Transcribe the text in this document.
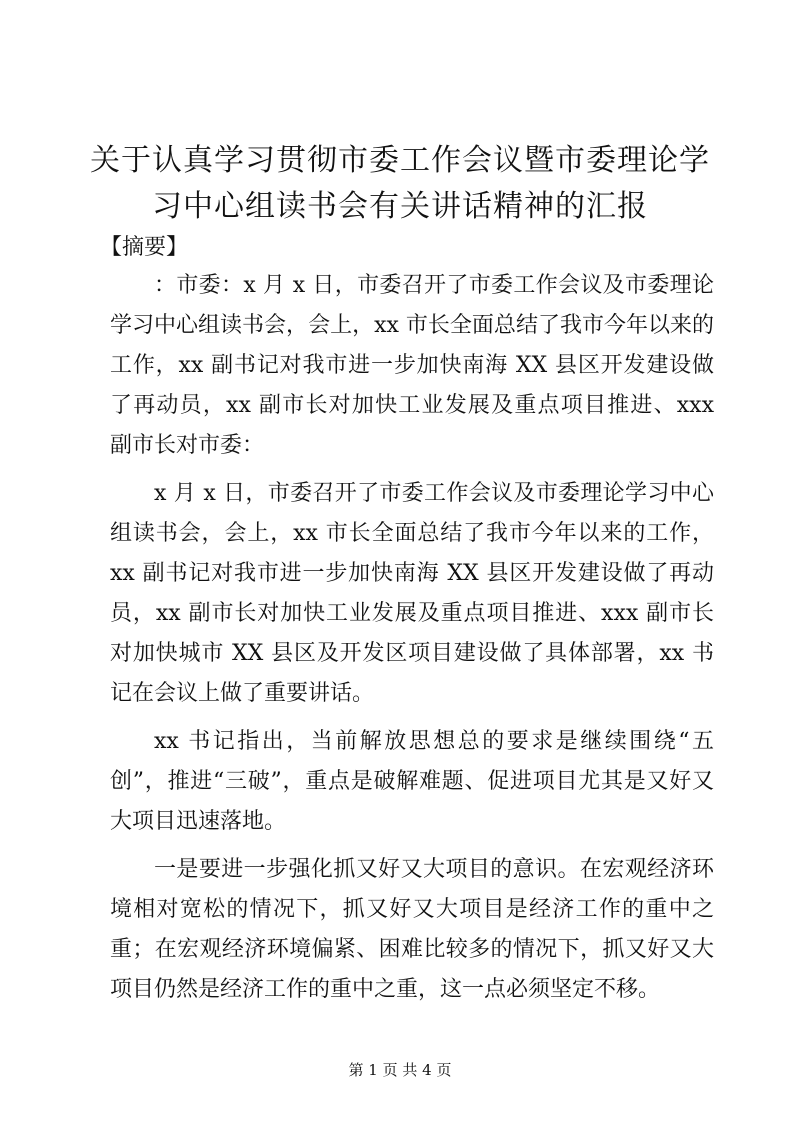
关于认真学习贯彻市委工作会议暨市委理论学
习中心组读书会有关讲话精神的汇报

【摘要】

：市委：x 月 x 日，市委召开了市委工作会议及市委理论学习中心组读书会，会上，xx 市长全面总结了我市今年以来的工作，xx 副书记对我市进一步加快南海 XX 县区开发建设做了再动员，xx 副市长对加快工业发展及重点项目推进、xxx 副市长对市委：

x 月 x 日，市委召开了市委工作会议及市委理论学习中心组读书会，会上，xx 市长全面总结了我市今年以来的工作，xx 副书记对我市进一步加快南海 XX 县区开发建设做了再动员，xx 副市长对加快工业发展及重点项目推进、xxx 副市长对加快城市 XX 县区及开发区项目建设做了具体部署，xx 书记在会议上做了重要讲话。

xx 书记指出，当前解放思想总的要求是继续围绕“五创”，推进“三破”，重点是破解难题、促进项目尤其是又好又大项目迅速落地。

一是要进一步强化抓又好又大项目的意识。在宏观经济环境相对宽松的情况下，抓又好又大项目是经济工作的重中之重；在宏观经济环境偏紧、困难比较多的情况下，抓又好又大项目仍然是经济工作的重中之重，这一点必须坚定不移。

第 1 页 共 4 页
